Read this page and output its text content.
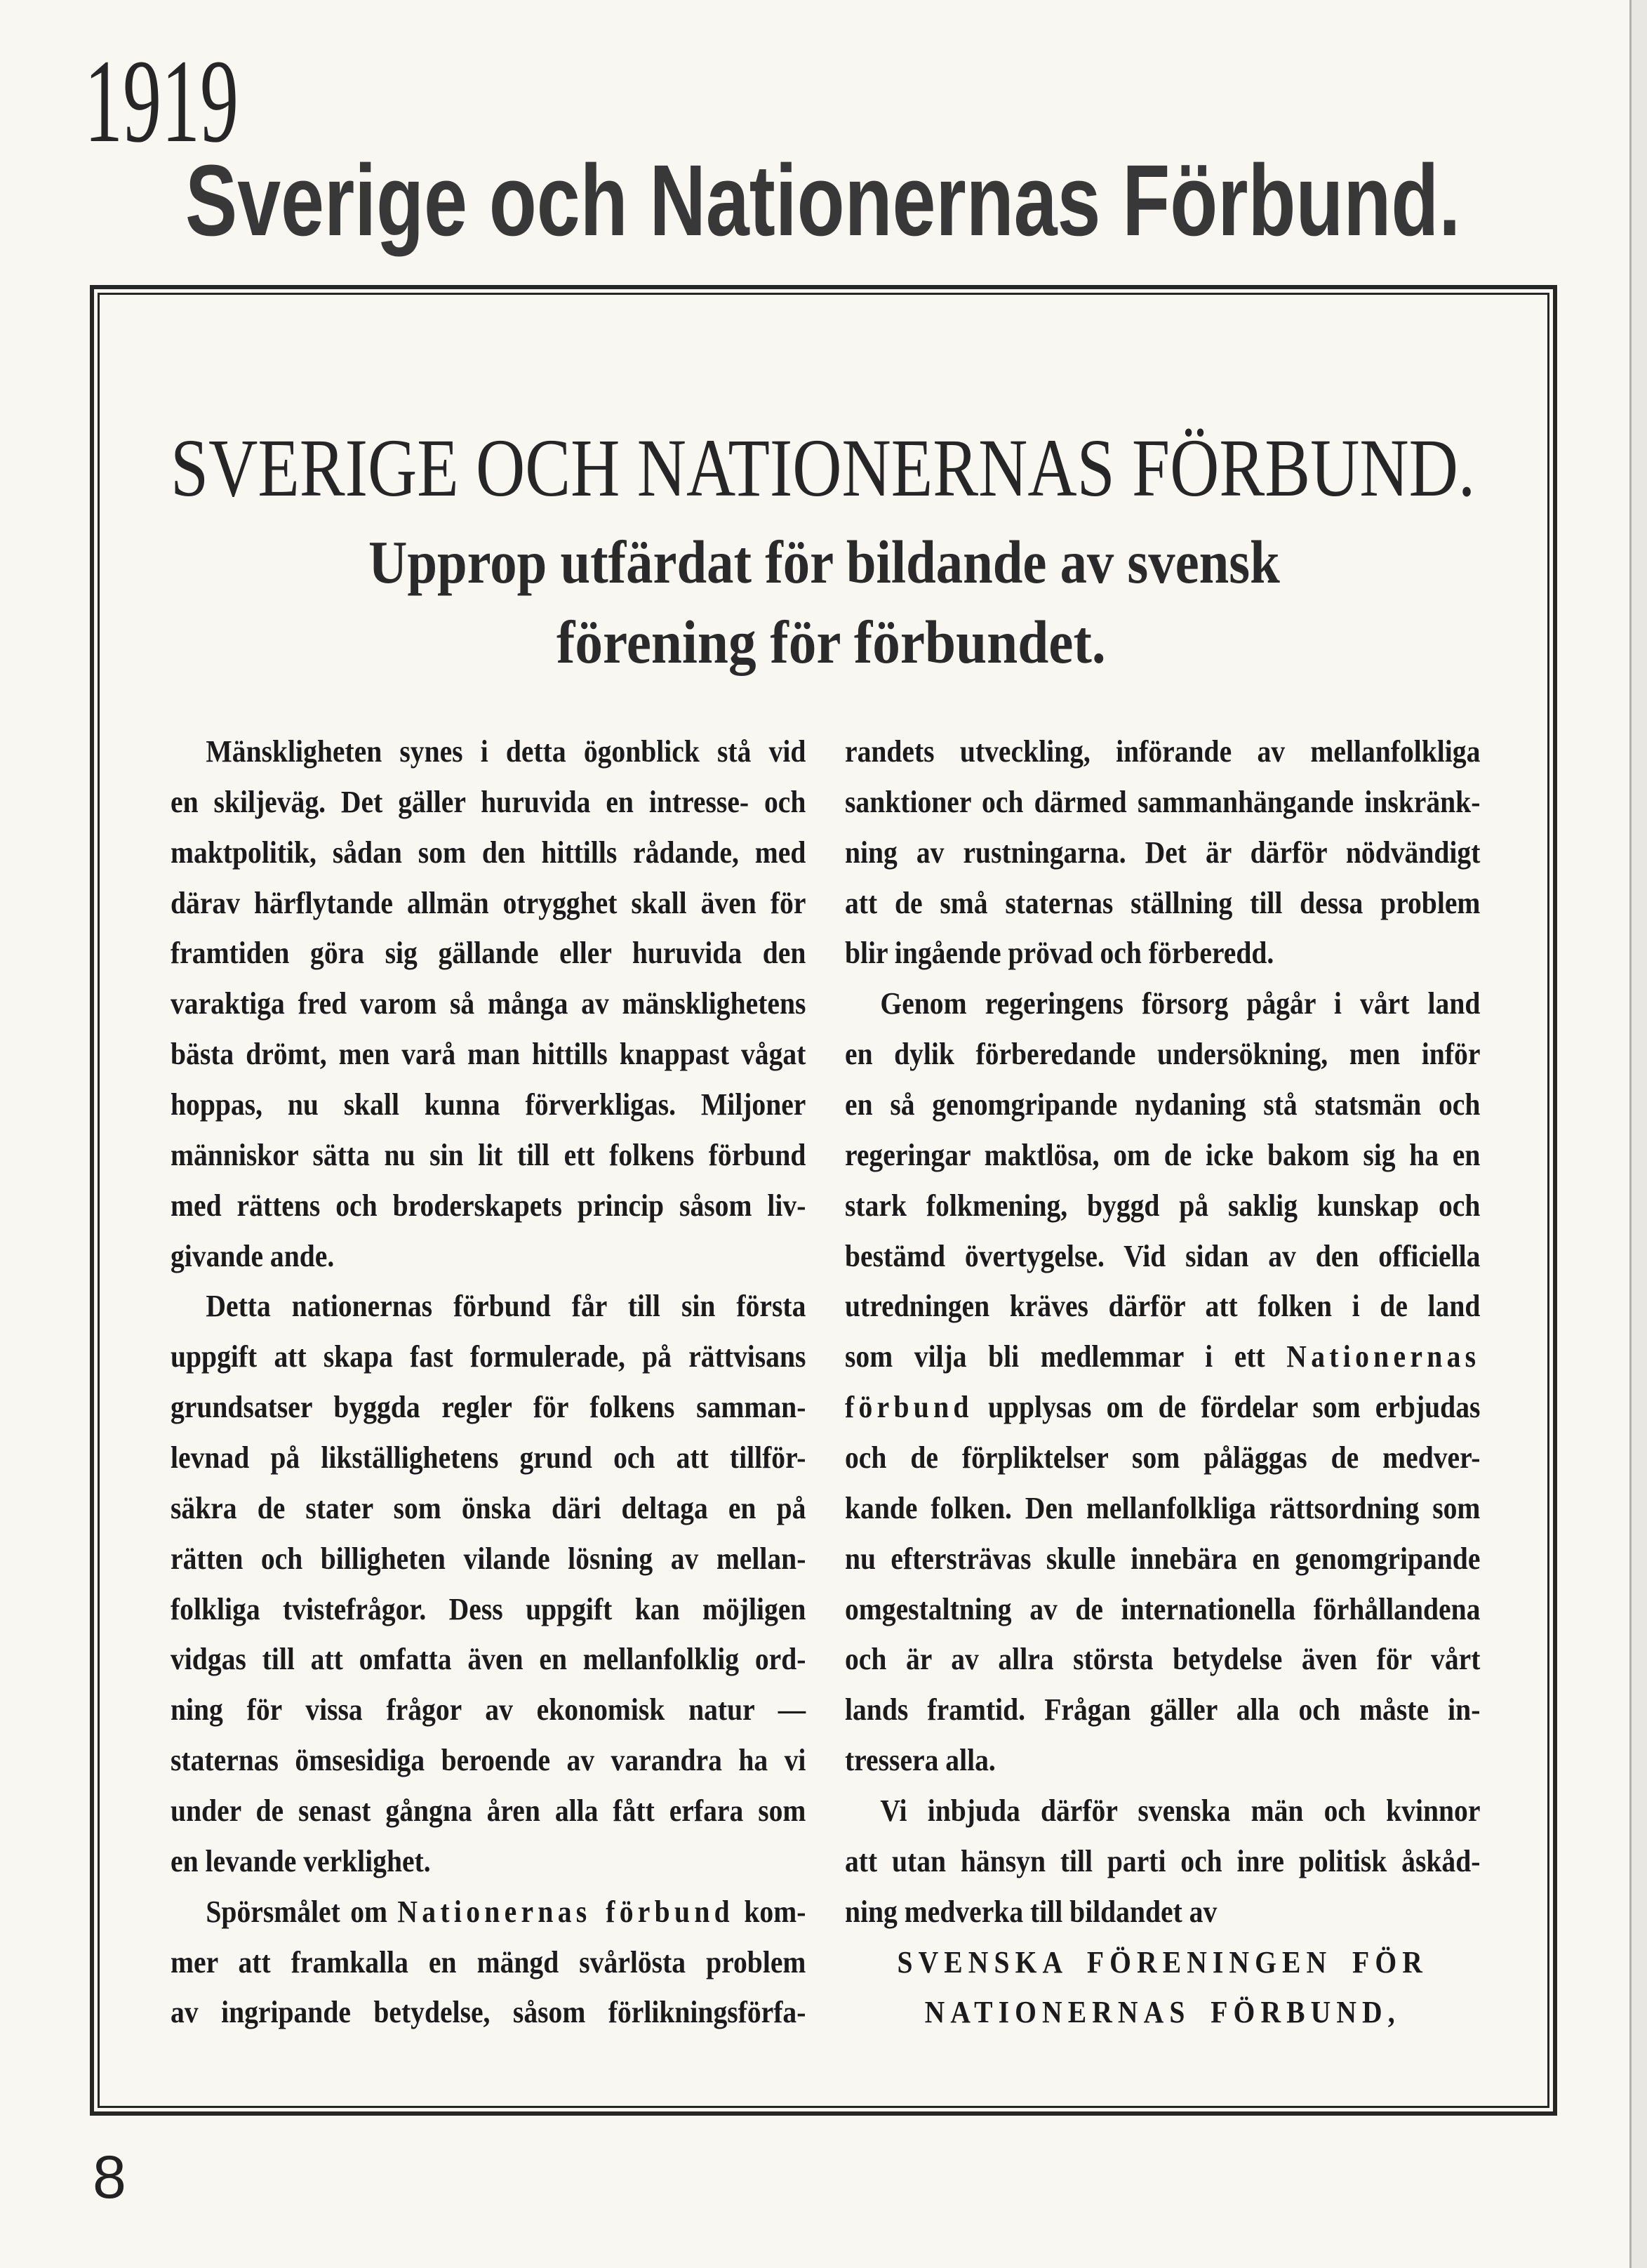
1919
Sverige och Nationernas Förbund.
SVERIGE OCH NATIONERNAS FÖRBUND.
Upprop utfärdat för bildande av svensk
förening för förbundet.
Mänskligheten synes i detta ögonblick stå vid
en skiljeväg. Det gäller huruvida en intresse- och
maktpolitik, sådan som den hittills rådande, med
därav härflytande allmän otrygghet skall även för
framtiden göra sig gällande eller huruvida den
varaktiga fred varom så många av mänsklighetens
bästa drömt, men varå man hittills knappast vågat
hoppas, nu skall kunna förverkligas. Miljoner
människor sätta nu sin lit till ett folkens förbund
med rättens och broderskapets princip såsom liv-
givande ande.
Detta nationernas förbund får till sin första
uppgift att skapa fast formulerade, på rättvisans
grundsatser byggda regler för folkens samman-
levnad på likställighetens grund och att tillför-
säkra de stater som önska däri deltaga en på
rätten och billigheten vilande lösning av mellan-
folkliga tvistefrågor. Dess uppgift kan möjligen
vidgas till att omfatta även en mellanfolklig ord-
ning för vissa frågor av ekonomisk natur —
staternas ömsesidiga beroende av varandra ha vi
under de senast gångna åren alla fått erfara som
en levande verklighet.
Spörsmålet om Nationernas förbund kom-
mer att framkalla en mängd svårlösta problem
av ingripande betydelse, såsom förlikningsförfa-
randets utveckling, införande av mellanfolkliga
sanktioner och därmed sammanhängande inskränk-
ning av rustningarna. Det är därför nödvändigt
att de små staternas ställning till dessa problem
blir ingående prövad och förberedd.
Genom regeringens försorg pågår i vårt land
en dylik förberedande undersökning, men inför
en så genomgripande nydaning stå statsmän och
regeringar maktlösa, om de icke bakom sig ha en
stark folkmening, byggd på saklig kunskap och
bestämd övertygelse. Vid sidan av den officiella
utredningen kräves därför att folken i de land
som vilja bli medlemmar i ett Nationernas
förbund upplysas om de fördelar som erbjudas
och de förpliktelser som påläggas de medver-
kande folken. Den mellanfolkliga rättsordning som
nu eftersträvas skulle innebära en genomgripande
omgestaltning av de internationella förhållandena
och är av allra största betydelse även för vårt
lands framtid. Frågan gäller alla och måste in-
tressera alla.
Vi inbjuda därför svenska män och kvinnor
att utan hänsyn till parti och inre politisk åskåd-
ning medverka till bildandet av
SVENSKA FÖRENINGEN FÖR
NATIONERNAS FÖRBUND,
8
